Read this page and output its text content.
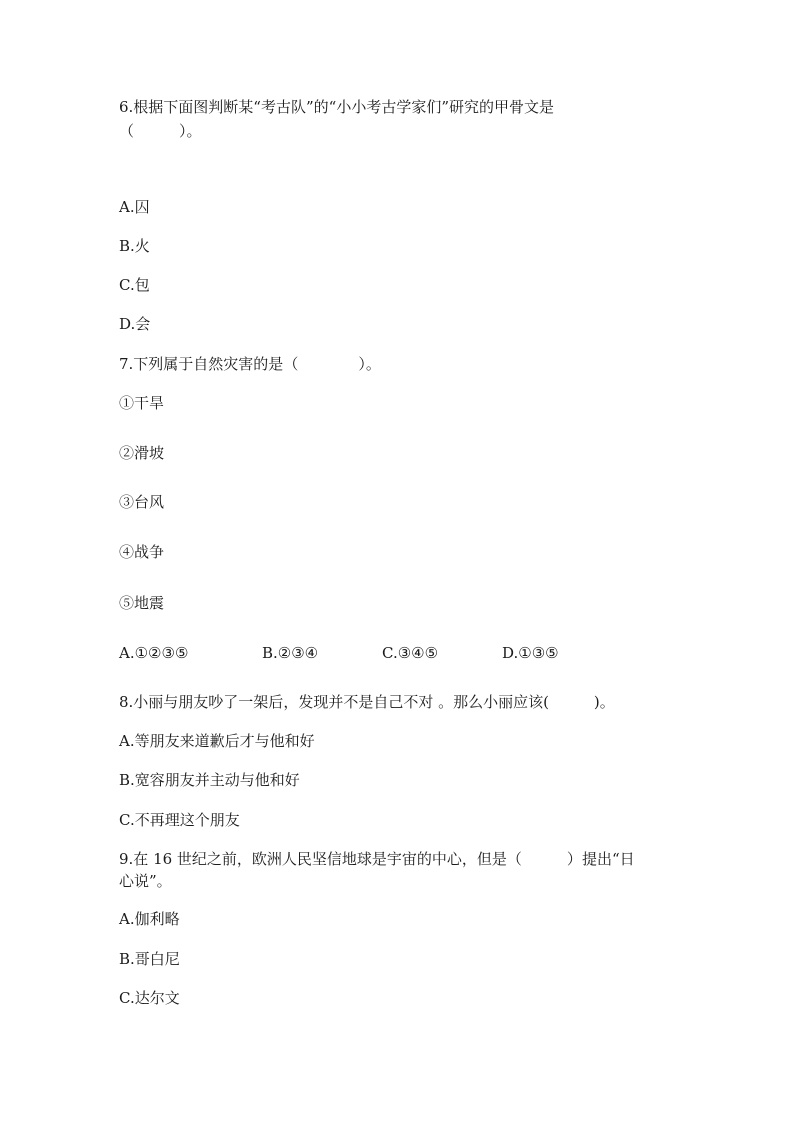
6.根据下面图判断某“考古队”的“小小考古学家们”研究的甲骨文是
（　　　）。
A.囚
B.火
C.包
D.会
7.下列属于自然灾害的是（　　　　）。
①干旱
②滑坡
③台风
④战争
⑤地震
A.①②③⑤	B.②③④	C.③④⑤	D.①③⑤
8.小丽与朋友吵了一架后，发现并不是自己不对 。那么小丽应该(　　　)。
A.等朋友来道歉后才与他和好
B.宽容朋友并主动与他和好
C.不再理这个朋友
9.在 16 世纪之前，欧洲人民坚信地球是宇宙的中心，但是（　　　）提出“日
心说”。
A.伽利略
B.哥白尼
C.达尔文
